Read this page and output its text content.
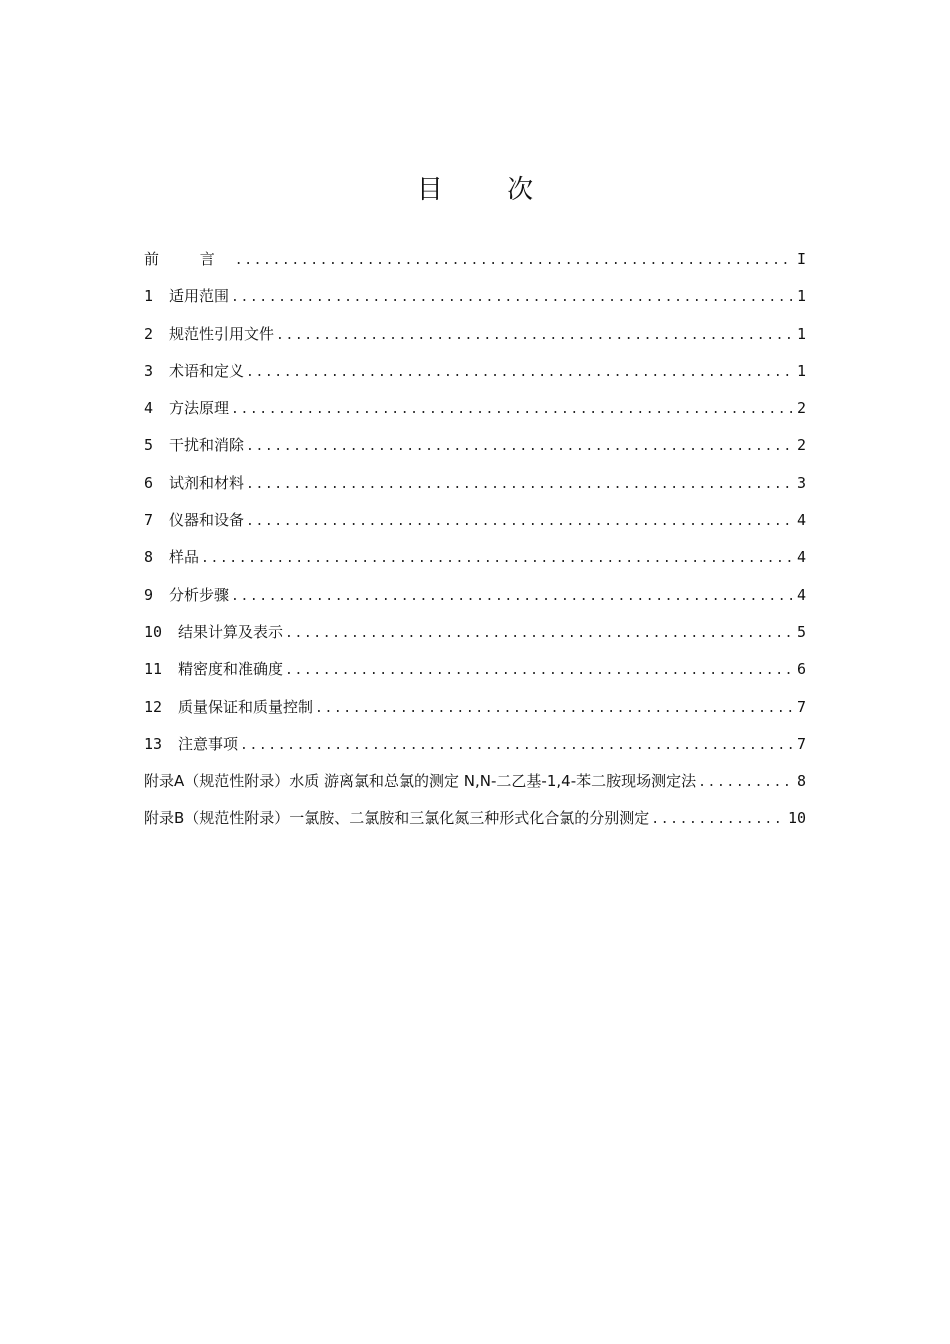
目 次
前 言 .....	I
1	适用范围 .....	1
2	规范性引用文件 .....	1
3	术语和定义 .....	1
4	方法原理 .....	2
5	干扰和消除 .....	2
6	试剂和材料 .....	3
7	仪器和设备 .....	4
8	样品 .....	4
9	分析步骤 .....	4
10	结果计算及表示 .....	5
11	精密度和准确度 .....	6
12	质量保证和质量控制 .....	7
13	注意事项 .....	7
附录A（规范性附录）水质 游离氯和总氯的测定 N,N-二乙基-1,4-苯二胺现场测定法 .....	8
附录B（规范性附录）一氯胺、二氯胺和三氯化氮三种形式化合氯的分别测定 .....	10
